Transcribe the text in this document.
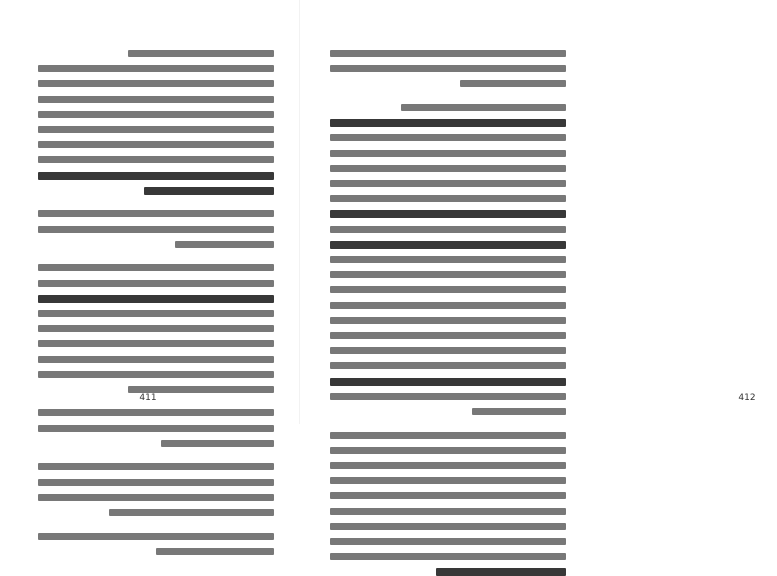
411	412
